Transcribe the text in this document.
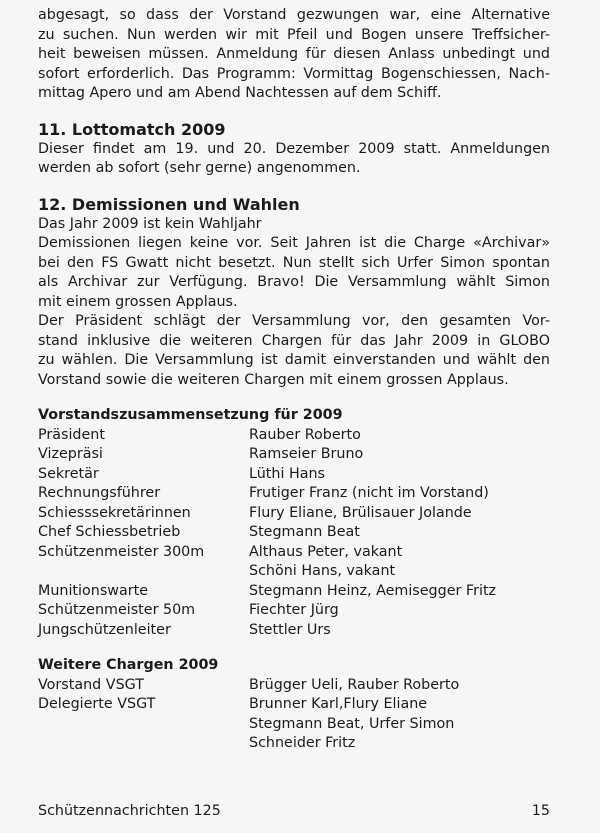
abgesagt, so dass der Vorstand gezwungen war, eine Alternative
zu suchen. Nun werden wir mit Pfeil und Bogen unsere Treffsicher-
heit beweisen müssen. Anmeldung für diesen Anlass unbedingt und
sofort erforderlich. Das Programm: Vormittag Bogenschiessen, Nach-
mittag Apero und am Abend Nachtessen auf dem Schiff.

11. Lottomatch 2009

Dieser findet am 19. und 20. Dezember 2009 statt. Anmeldungen
werden ab sofort (sehr gerne) angenommen.

12. Demissionen und Wahlen

Das Jahr 2009 ist kein Wahljahr

Demissionen liegen keine vor. Seit Jahren ist die Charge «Archivar»
bei den FS Gwatt nicht besetzt. Nun stellt sich Urfer Simon spontan
als Archivar zur Verfügung. Bravo! Die Versammlung wählt Simon
mit einem grossen Applaus.

Der Präsident schlägt der Versammlung vor, den gesamten Vor-
stand inklusive die weiteren Chargen für das Jahr 2009 in GLOBO
zu wählen. Die Versammlung ist damit einverstanden und wählt den
Vorstand sowie die weiteren Chargen mit einem grossen Applaus.

Vorstandszusammensetzung für 2009
Präsident	Rauber Roberto
Vizepräsi	Ramseier Bruno
Sekretär	Lüthi Hans
Rechnungsführer	Frutiger Franz (nicht im Vorstand)
Schiesssekretärinnen	Flury Eliane, Brülisauer Jolande
Chef Schiessbetrieb	Stegmann Beat
Schützenmeister 300m	Althaus Peter, vakant
Schöni Hans, vakant
Munitionswarte	Stegmann Heinz, Aemisegger Fritz
Schützenmeister 50m	Fiechter Jürg
Jungschützenleiter	Stettler Urs
Weitere Chargen 2009
Vorstand VSGT	Brügger Ueli, Rauber Roberto
Delegierte VSGT	Brunner Karl,Flury Eliane
Stegmann Beat, Urfer Simon
Schneider Fritz
Schützennachrichten 125	15
